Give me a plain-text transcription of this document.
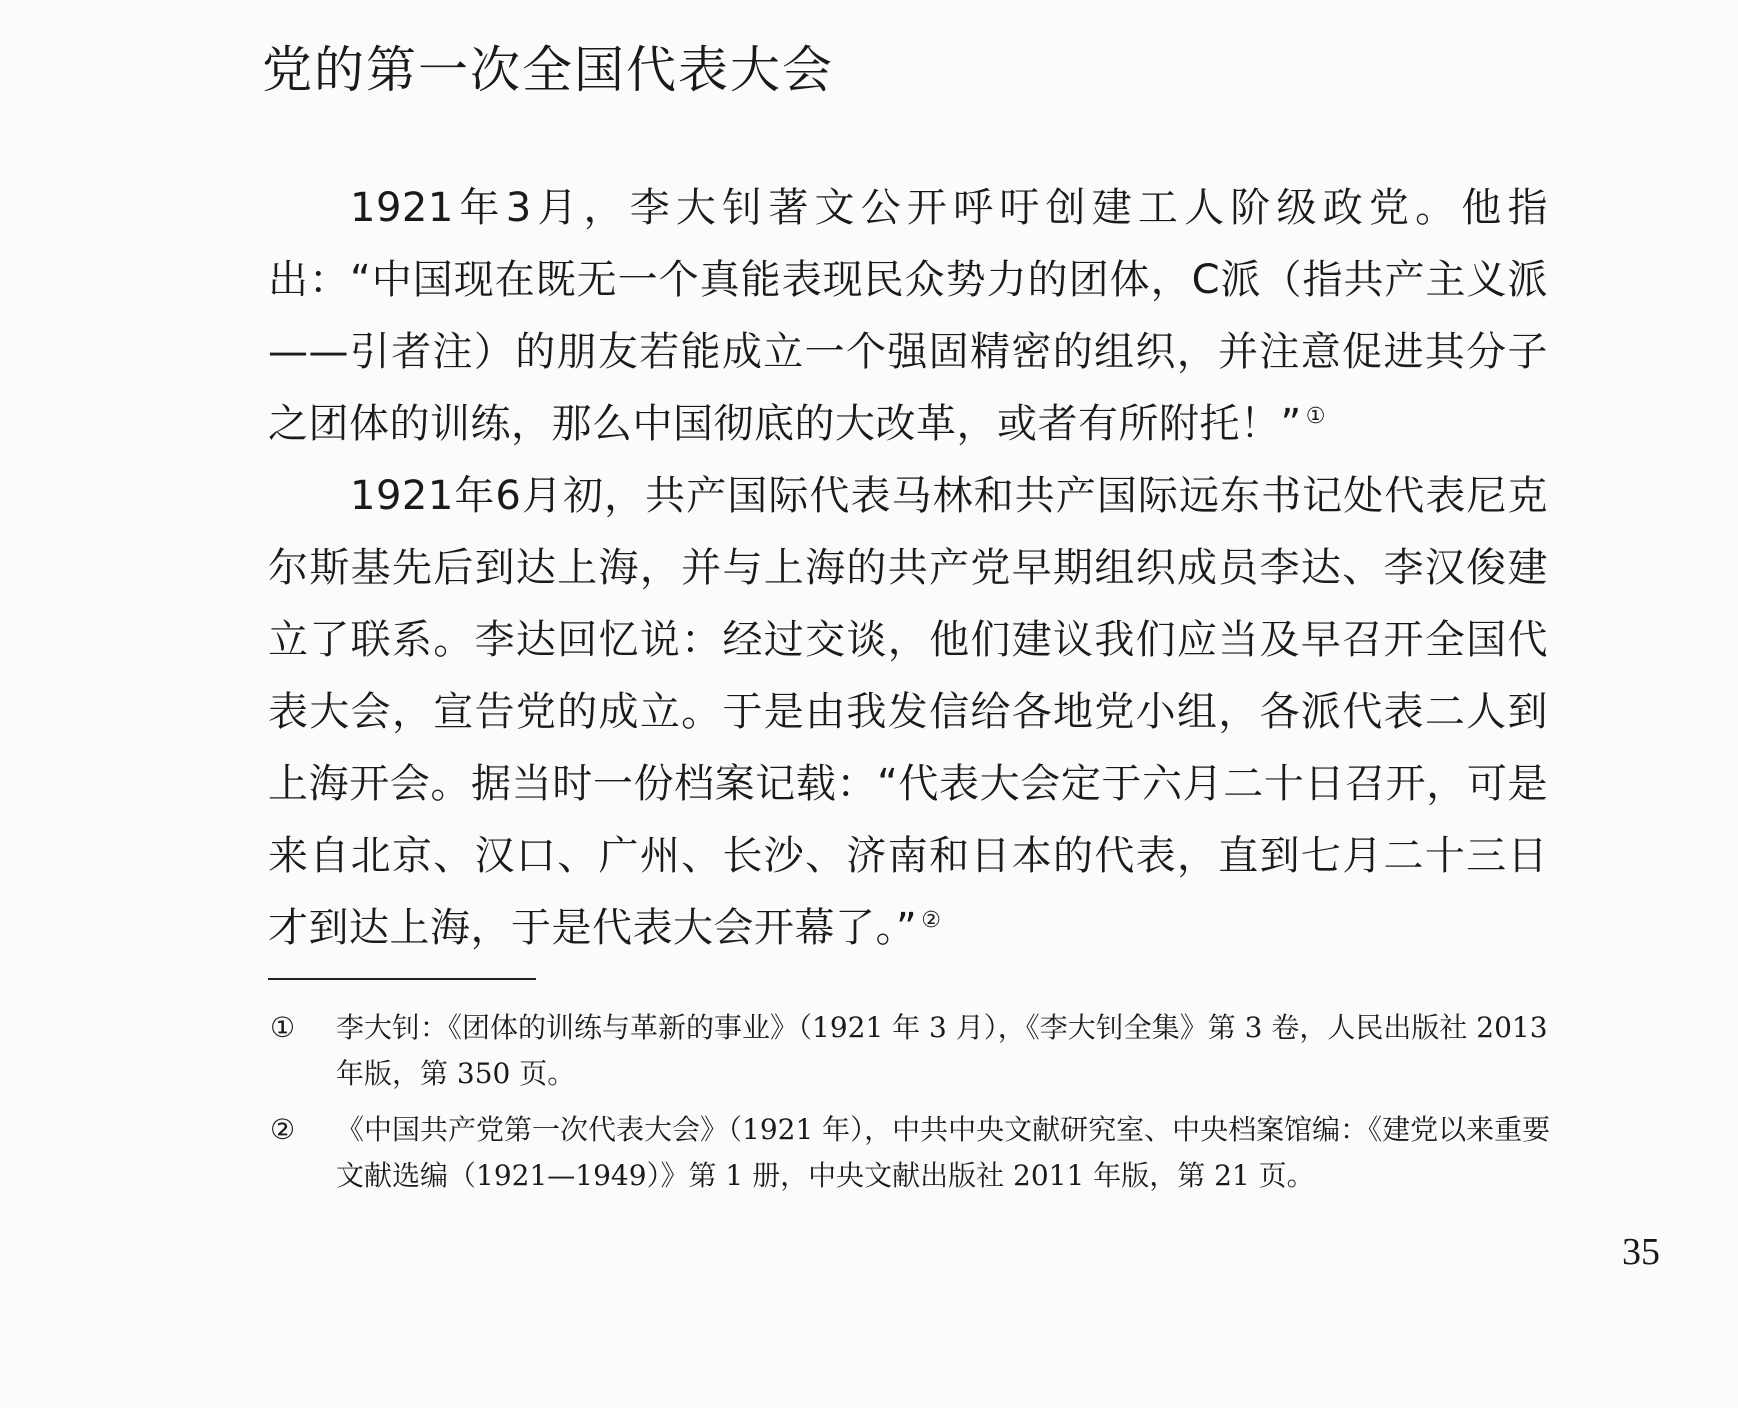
党的第一次全国代表大会

1921年3月，李大钊著文公开呼吁创建工人阶级政党。他指出：“中国现在既无一个真能表现民众势力的团体，C派（指共产主义派——引者注）的朋友若能成立一个强固精密的组织，并注意促进其分子之团体的训练，那么中国彻底的大改革，或者有所附托！” ①

1921年6月初，共产国际代表马林和共产国际远东书记处代表尼克尔斯基先后到达上海，并与上海的共产党早期组织成员李达、李汉俊建立了联系。李达回忆说：经过交谈，他们建议我们应当及早召开全国代表大会，宣告党的成立。于是由我发信给各地党小组，各派代表二人到上海开会。据当时一份档案记载：“代表大会定于六月二十日召开，可是来自北京、汉口、广州、长沙、济南和日本的代表，直到七月二十三日才到达上海，于是代表大会开幕了。” ②

① 李大钊：《团体的训练与革新的事业》（1921 年 3 月），《李大钊全集》第 3 卷，人民出版社 2013 年版，第 350 页。

② 《中国共产党第一次代表大会》（1921 年），中共中央文献研究室、中央档案馆编：《建党以来重要文献选编（1921—1949）》第 1 册，中央文献出版社 2011 年版，第 21 页。

35
